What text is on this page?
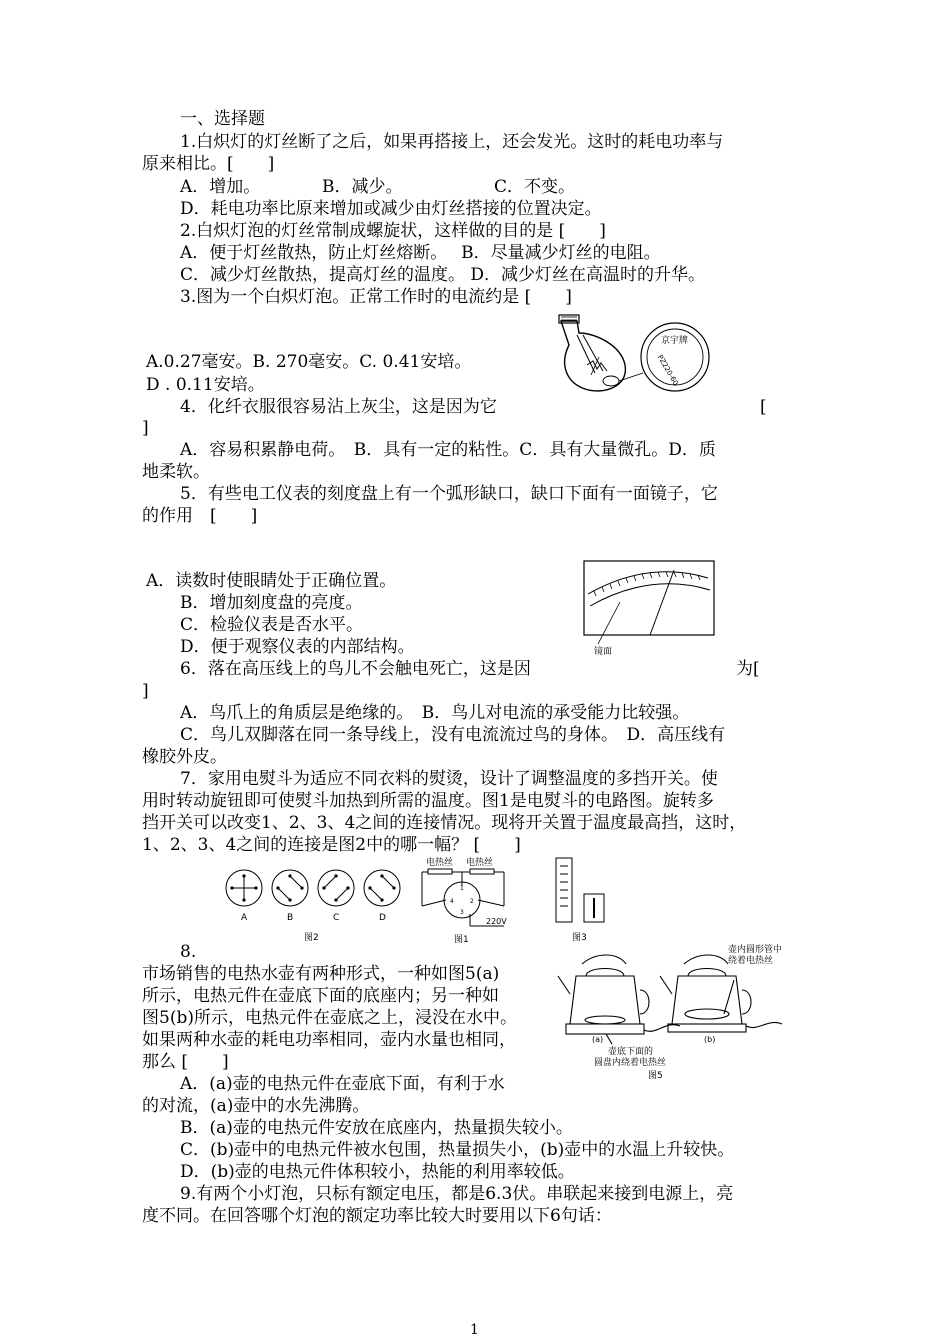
一、选择题
1.白炽灯的灯丝断了之后，如果再搭接上，还会发光。这时的耗电功率与
原来相比。[　　]
A．增加。	B．减少。	C．不变。
D．耗电功率比原来增加或减少由灯丝搭接的位置决定。
2.白炽灯泡的灯丝常制成螺旋状，这样做的目的是 [　　]
A．便于灯丝散热，防止灯丝熔断。　 B．尽量减少灯丝的电阻。
C．减少灯丝散热，提高灯丝的温度。 D．减少灯丝在高温时的升华。
3.图为一个白炽灯泡。正常工作时的电流约是 [　　]
A.0.27毫安。B. 270毫安。C. 0.41安培。
D . 0.11安培。
4．化纤衣服很容易沾上灰尘，这是因为它	[
]
A．容易积累静电荷。　B．具有一定的粘性。C．具有大量微孔。D．质
地柔软。
5．有些电工仪表的刻度盘上有一个弧形缺口，缺口下面有一面镜子，它
的作用　[　　]
A．读数时使眼睛处于正确位置。
B．增加刻度盘的亮度。
C．检验仪表是否水平。
D．便于观察仪表的内部结构。
6．落在高压线上的鸟儿不会触电死亡，这是因	为[
]
A．鸟爪上的角质层是绝缘的。　B．鸟儿对电流的承受能力比较强。
C．鸟儿双脚落在同一条导线上，没有电流流过鸟的身体。　D．高压线有
橡胶外皮。
7．家用电熨斗为适应不同衣料的熨烫，设计了调整温度的多挡开关。使
用时转动旋钮即可使熨斗加热到所需的温度。图1是电熨斗的电路图。旋转多
挡开关可以改变1、2、3、4之间的连接情况。现将开关置于温度最高挡，这时，
1、2、3、4之间的连接是图2中的哪一幅？ [　　]
8.
市场销售的电热水壶有两种形式，一种如图5(a)
所示，电热元件在壶底下面的底座内；另一种如
图5(b)所示，电热元件在壶底之上，浸没在水中。
如果两种水壶的耗电功率相同，壶内水量也相同，
那么 [　　]
A．(a)壶的电热元件在壶底下面，有利于水
的对流，(a)壶中的水先沸腾。
B．(a)壶的电热元件安放在底座内，热量损失较小。
C．(b)壶中的电热元件被水包围，热量损失小，(b)壶中的水温上升较快。
D．(b)壶的电热元件体积较小，热能的利用率较低。
9.有两个小灯泡，只标有额定电压，都是6.3伏。串联起来接到电源上，亮
度不同。在回答哪个灯泡的额定功率比较大时要用以下6句话：
1
京宇牌
PZ220-60
镜面
A	B	C	D
图2
电热丝 电热丝
1
4	2
3
220V
图1	图3
壶内圆形管中
绕着电热丝
壶底下面的
圆盘内绕着电热丝
(a)	(b)
图5
